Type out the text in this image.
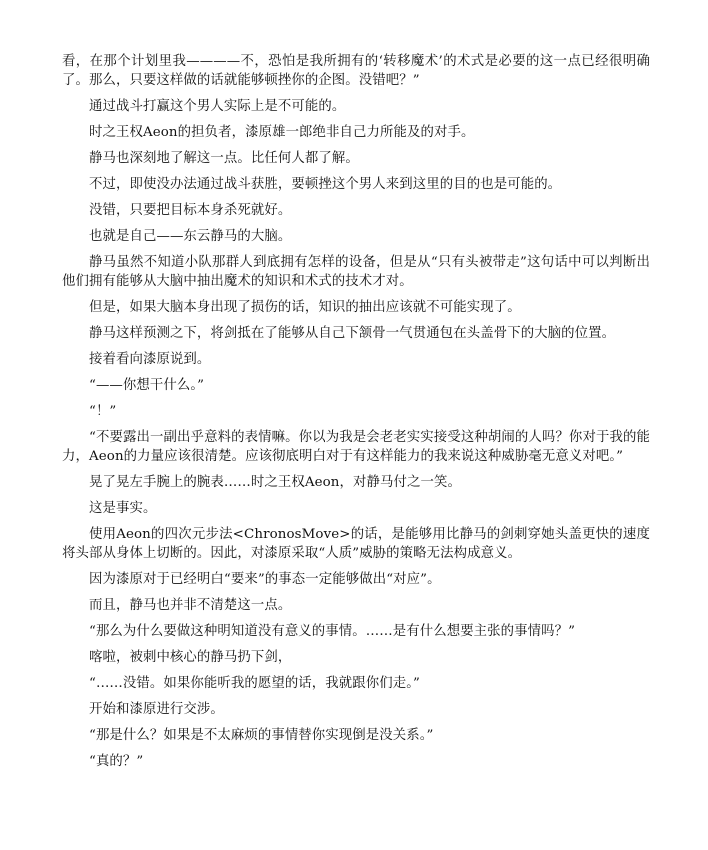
看，在那个计划里我————不，恐怕是我所拥有的‘转移魔术’的术式是必要的这一点已经很明确了。那么，只要这样做的话就能够顿挫你的企图。没错吧？”

通过战斗打赢这个男人实际上是不可能的。

时之王权Aeon的担负者，漆原雄一郎绝非自己力所能及的对手。

静马也深刻地了解这一点。比任何人都了解。

不过，即使没办法通过战斗获胜，要顿挫这个男人来到这里的目的也是可能的。

没错，只要把目标本身杀死就好。

也就是自己——东云静马的大脑。

静马虽然不知道小队那群人到底拥有怎样的设备，但是从“只有头被带走”这句话中可以判断出他们拥有能够从大脑中抽出魔术的知识和术式的技术才对。

但是，如果大脑本身出现了损伤的话，知识的抽出应该就不可能实现了。

静马这样预测之下，将剑抵在了能够从自己下颔骨一气贯通包在头盖骨下的大脑的位置。

接着看向漆原说到。

“——你想干什么。”

“！”

“不要露出一副出乎意料的表情嘛。你以为我是会老老实实接受这种胡闹的人吗？你对于我的能力，Aeon的力量应该很清楚。应该彻底明白对于有这样能力的我来说这种威胁毫无意义对吧。”

晃了晃左手腕上的腕表……时之王权Aeon，对静马付之一笑。

这是事实。

使用Aeon的四次元步法<ChronosMove>的话，是能够用比静马的剑刺穿她头盖更快的速度将头部从身体上切断的。因此，对漆原采取“人质”威胁的策略无法构成意义。

因为漆原对于已经明白“要来”的事态一定能够做出“对应”。

而且，静马也并非不清楚这一点。

“那么为什么要做这种明知道没有意义的事情。……是有什么想要主张的事情吗？”

喀啦，被刺中核心的静马扔下剑，

“……没错。如果你能听我的愿望的话，我就跟你们走。”

开始和漆原进行交涉。

“那是什么？如果是不太麻烦的事情替你实现倒是没关系。”

“真的？”
